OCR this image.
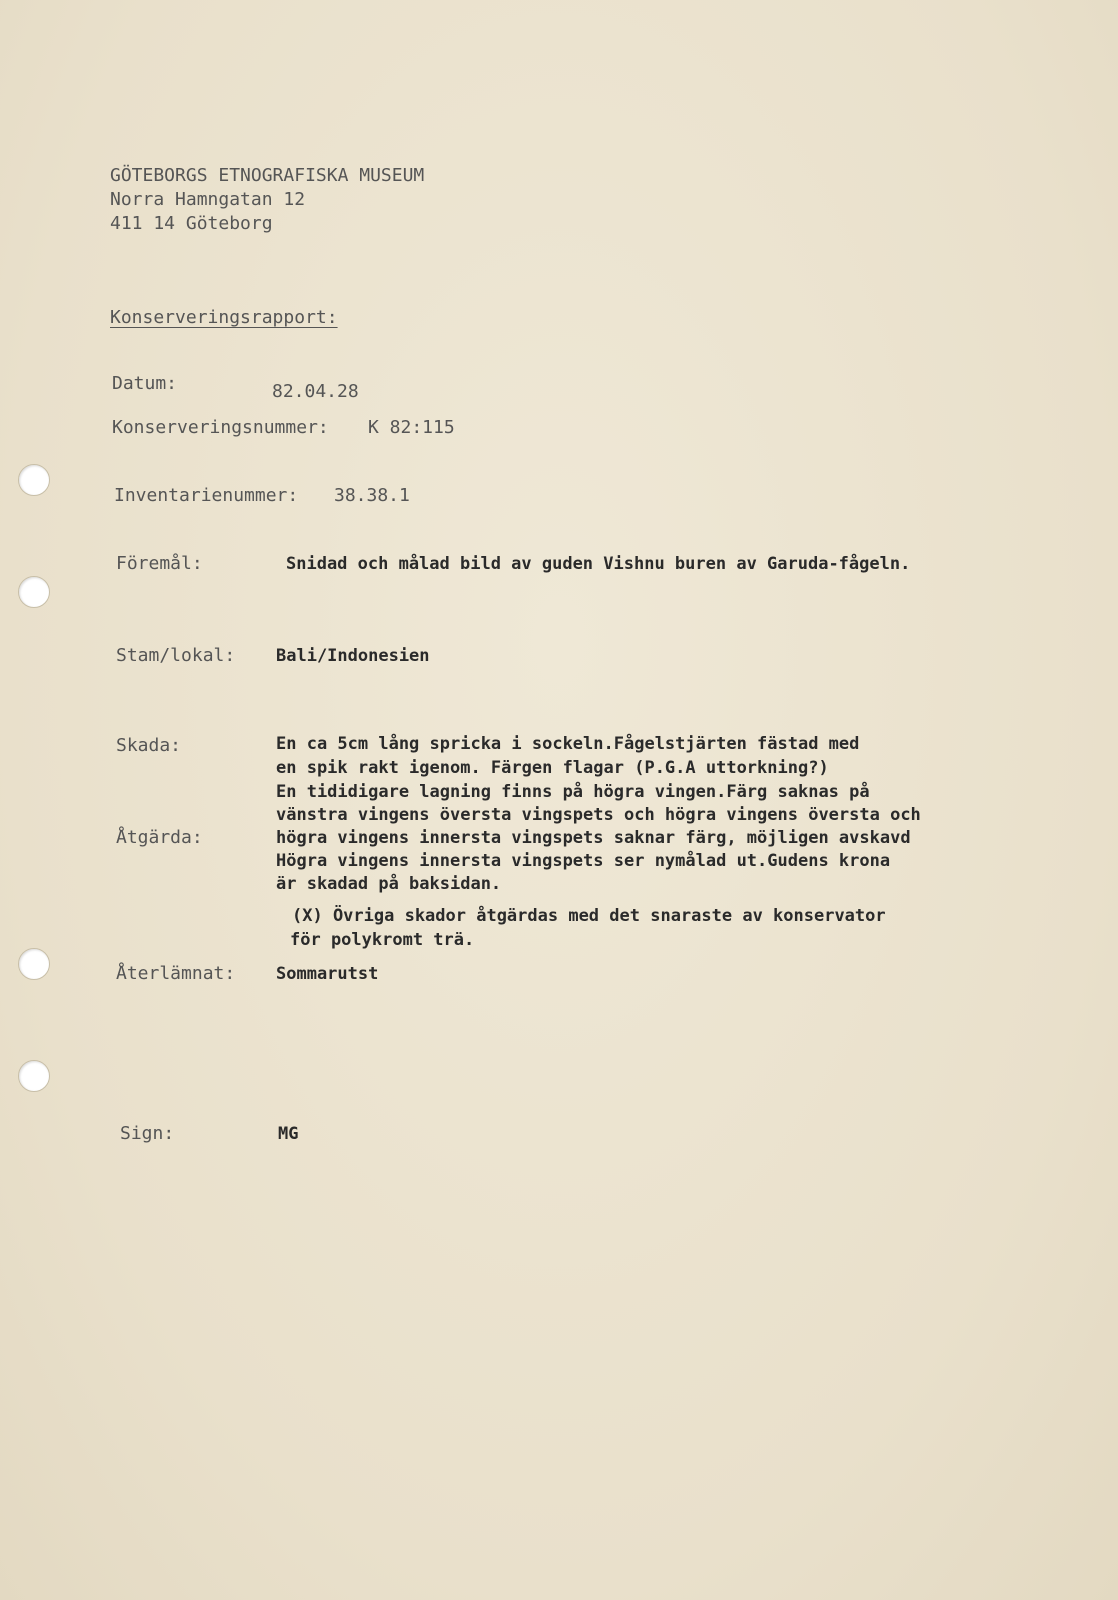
GÖTEBORGS ETNOGRAFISKA MUSEUM
Norra Hamngatan 12
411 14 Göteborg
Konserveringsrapport:
Datum:	82.04.28
Konserveringsnummer: K 82:115
Inventarienummer: 38.38.1
Föremål:	Snidad och målad bild av guden Vishnu buren av Garuda-fågeln.
Stam/lokal: Bali/Indonesien
Skada:	En ca 5cm lång spricka i sockeln.Fågelstjärten fästad med
en spik rakt igenom. Färgen flagar (P.G.A uttorkning?)
En tididigare lagning finns på högra vingen.Färg saknas på
vänstra vingens översta vingspets och högra vingens översta och
högra vingens innersta vingspets saknar färg, möjligen avskavd
Högra vingens innersta vingspets ser nymålad ut.Gudens krona
är skadad på baksidan.
Åtgärda:
(X) Övriga skador åtgärdas med det snaraste av konservator
för polykromt trä.
Återlämnat: Sommarutst
Sign:	MG
